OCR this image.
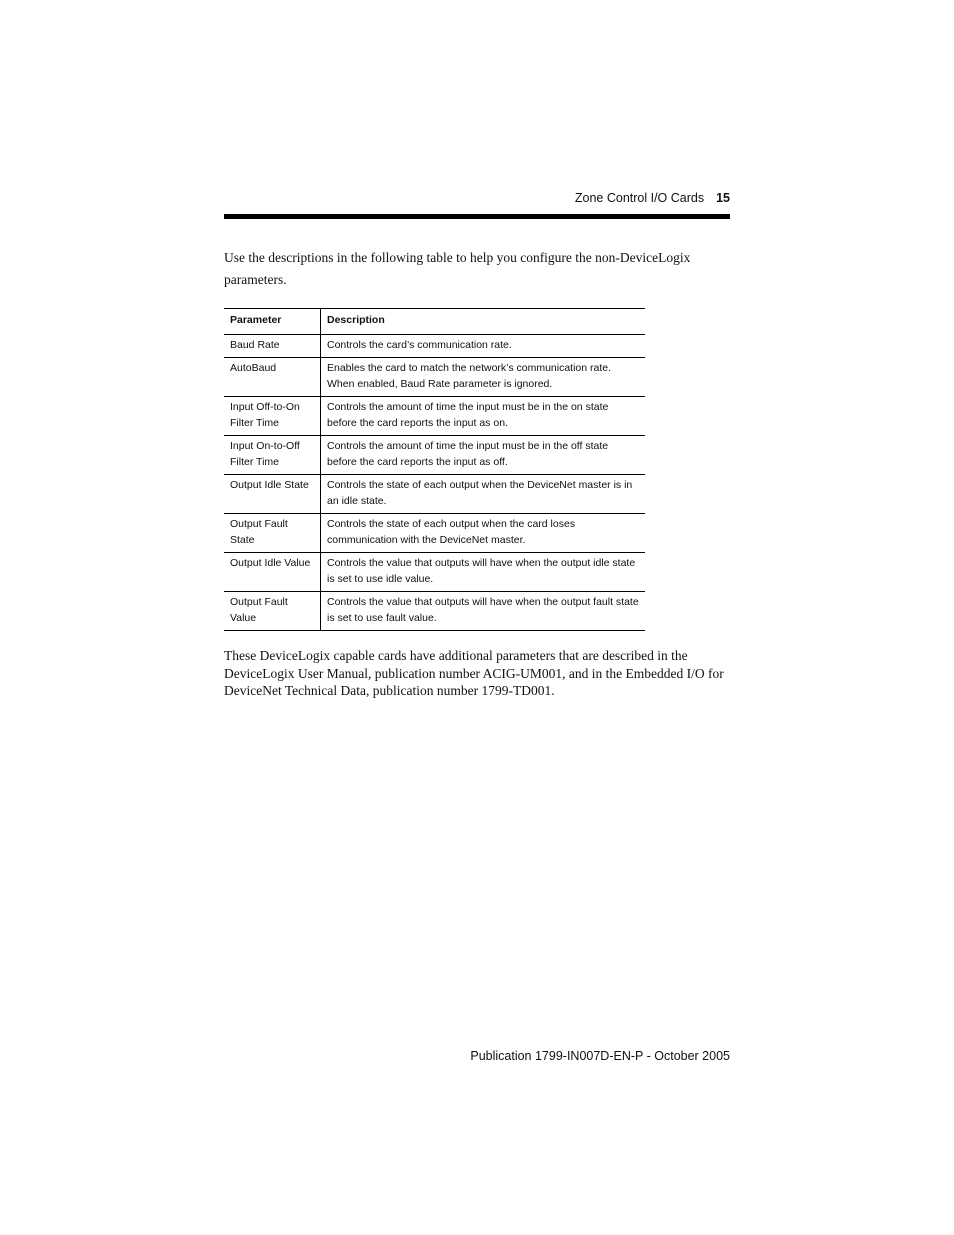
Zone Control I/O Cards 15

Use the descriptions in the following table to help you configure the non-DeviceLogix parameters.

Parameter	Description
Baud Rate	Controls the card’s communication rate.
AutoBaud	Enables the card to match the network’s communication rate. When enabled, Baud Rate parameter is ignored.
Input Off-to-On Filter Time	Controls the amount of time the input must be in the on state before the card reports the input as on.
Input On-to-Off Filter Time	Controls the amount of time the input must be in the off state before the card reports the input as off.
Output Idle State	Controls the state of each output when the DeviceNet master is in an idle state.
Output Fault State	Controls the state of each output when the card loses communication with the DeviceNet master.
Output Idle Value	Controls the value that outputs will have when the output idle state is set to use idle value.
Output Fault Value	Controls the value that outputs will have when the output fault state is set to use fault value.

These DeviceLogix capable cards have additional parameters that are described in the DeviceLogix User Manual, publication number ACIG-UM001, and in the Embedded I/O for DeviceNet Technical Data, publication number 1799-TD001.

Publication 1799-IN007D-EN-P - October 2005
